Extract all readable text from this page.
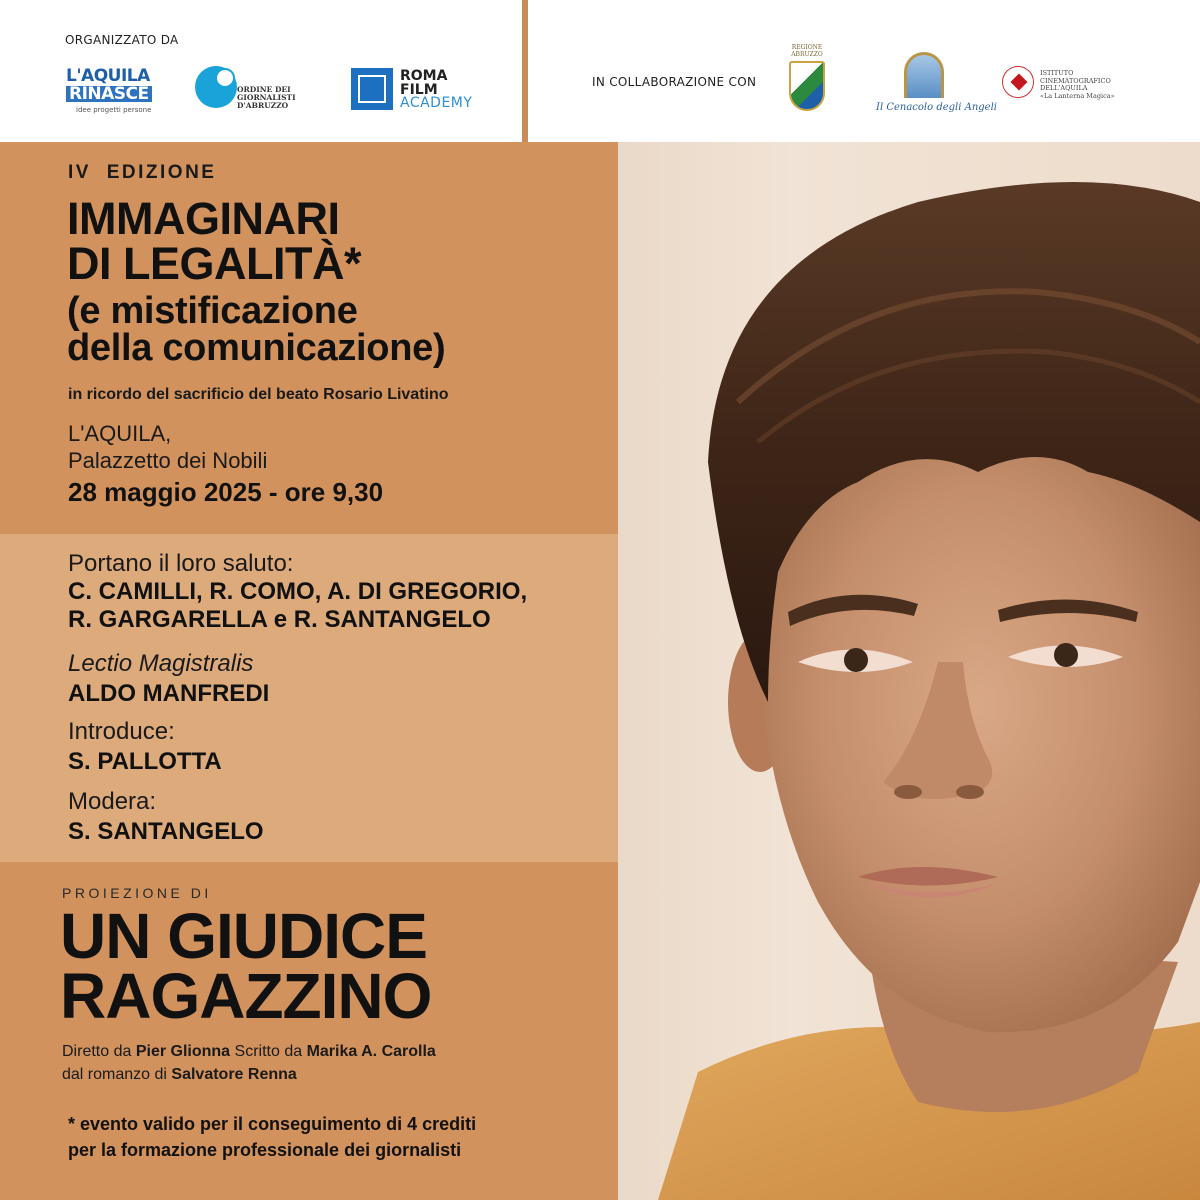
ORGANIZZATO DA
L'AQUILA
RINASCE
idee progetti persone
ORDINE DEI GIORNALISTI D'ABRUZZO
ROMA
FILM
ACADEMY
IN COLLABORAZIONE CON
REGIONE ABRUZZO
Il Cenacolo degli Angeli
ISTITUTO CINEMATOGRAFICO
DELL'AQUILA
«La Lanterna Magica»
IV EDIZIONE
IMMAGINARI
DI LEGALITÀ*
(e mistificazione
della comunicazione)
in ricordo del sacrificio del beato Rosario Livatino
L'AQUILA,
Palazzetto dei Nobili
28 maggio 2025 - ore 9,30
Portano il loro saluto:
C. CAMILLI, R. COMO, A. DI GREGORIO,
R. GARGARELLA e R. SANTANGELO
Lectio Magistralis
ALDO MANFREDI
Introduce:
S. PALLOTTA
Modera:
S. SANTANGELO
PROIEZIONE DI
UN GIUDICE
RAGAZZINO
Diretto da Pier Glionna Scritto da Marika A. Carolla
dal romanzo di Salvatore Renna
* evento valido per il conseguimento di 4 crediti
per la formazione professionale dei giornalisti
